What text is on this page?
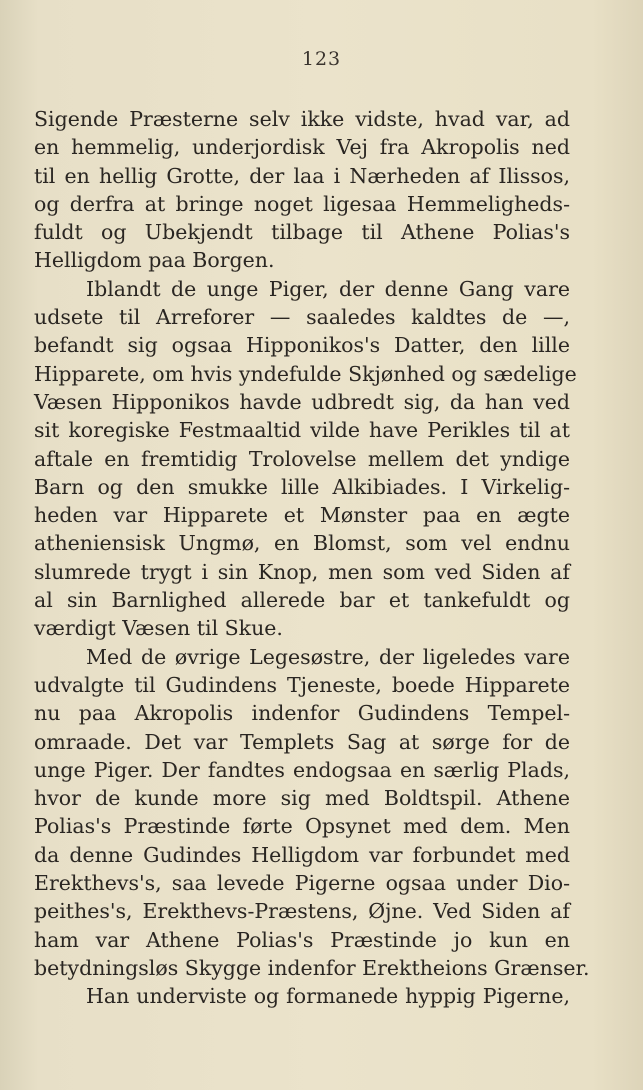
123
Sigende Præsterne selv ikke vidste, hvad var, ad
en hemmelig, underjordisk Vej fra Akropolis ned
til en hellig Grotte, der laa i Nærheden af Ilissos,
og derfra at bringe noget ligesaa Hemmeligheds-
fuldt og Ubekjendt tilbage til Athene Polias's
Helligdom paa Borgen.
Iblandt de unge Piger, der denne Gang vare
udsete til Arreforer — saaledes kaldtes de —,
befandt sig ogsaa Hipponikos's Datter, den lille
Hipparete, om hvis yndefulde Skjønhed og sædelige
Væsen Hipponikos havde udbredt sig, da han ved
sit koregiske Festmaaltid vilde have Perikles til at
aftale en fremtidig Trolovelse mellem det yndige
Barn og den smukke lille Alkibiades. I Virkelig-
heden var Hipparete et Mønster paa en ægte
atheniensisk Ungmø, en Blomst, som vel endnu
slumrede trygt i sin Knop, men som ved Siden af
al sin Barnlighed allerede bar et tankefuldt og
værdigt Væsen til Skue.
Med de øvrige Legesøstre, der ligeledes vare
udvalgte til Gudindens Tjeneste, boede Hipparete
nu paa Akropolis indenfor Gudindens Tempel-
omraade. Det var Templets Sag at sørge for de
unge Piger. Der fandtes endogsaa en særlig Plads,
hvor de kunde more sig med Boldtspil. Athene
Polias's Præstinde førte Opsynet med dem. Men
da denne Gudindes Helligdom var forbundet med
Erekthevs's, saa levede Pigerne ogsaa under Dio-
peithes's, Erekthevs-Præstens, Øjne. Ved Siden af
ham var Athene Polias's Præstinde jo kun en
betydningsløs Skygge indenfor Erektheions Grænser.
Han underviste og formanede hyppig Pigerne,
